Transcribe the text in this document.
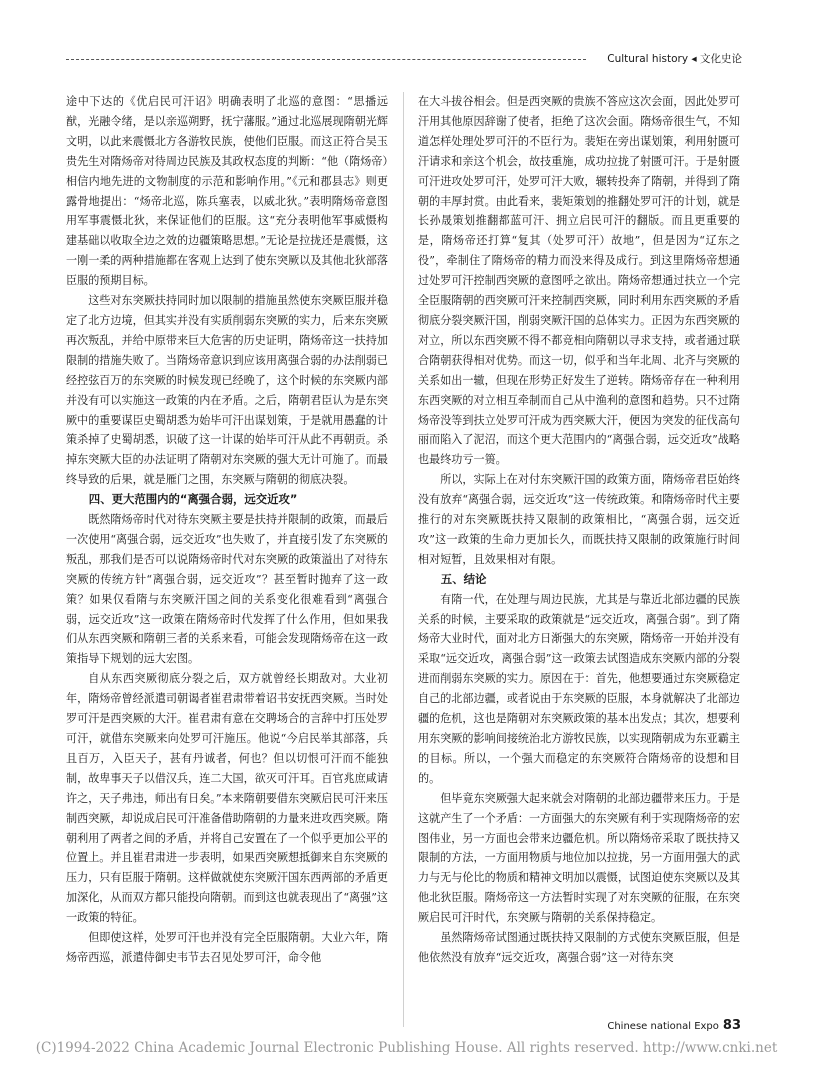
Cultural history ◂ 文化史论

途中下达的《优启民可汗诏》明确表明了北巡的意图：“思播远猷，光融令绪，是以亲巡朔野，抚宁藩服。”通过北巡展现隋朝光辉文明，以此来震慑北方各游牧民族，使他们臣服。而这正符合吴玉贵先生对隋炀帝对待周边民族及其政权态度的判断：“他（隋炀帝）相信内地先进的文物制度的示范和影响作用。”《元和郡县志》则更露骨地提出：“炀帝北巡，陈兵塞表，以威北狄。”表明隋炀帝意图用军事震慑北狄，来保证他们的臣服。这“充分表明他军事威慑构建基础以收取全边之效的边疆策略思想。”无论是拉拢还是震慑，这一刚一柔的两种措施都在客观上达到了使东突厥以及其他北狄部落臣服的预期目标。

这些对东突厥扶持同时加以限制的措施虽然使东突厥臣服并稳定了北方边境，但其实并没有实质削弱东突厥的实力，后来东突厥再次叛乱，并给中原带来巨大危害的历史证明，隋炀帝这一扶持加限制的措施失败了。当隋炀帝意识到应该用离强合弱的办法削弱已经控弦百万的东突厥的时候发现已经晚了，这个时候的东突厥内部并没有可以实施这一政策的内在矛盾。之后，隋朝君臣认为是东突厥中的重要谋臣史蜀胡悉为始毕可汗出谋划策，于是就用愚蠢的计策杀掉了史蜀胡悉，识破了这一计谋的始毕可汗从此不再朝贡。杀掉东突厥大臣的办法证明了隋朝对东突厥的强大无计可施了。而最终导致的后果，就是雁门之围，东突厥与隋朝的彻底决裂。

四、更大范围内的“离强合弱，远交近攻”

既然隋炀帝时代对待东突厥主要是扶持并限制的政策，而最后一次使用“离强合弱，远交近攻”也失败了，并直接引发了东突厥的叛乱，那我们是否可以说隋炀帝时代对东突厥的政策溢出了对待东突厥的传统方针“离强合弱，远交近攻”？甚至暂时抛弃了这一政策？如果仅看隋与东突厥汗国之间的关系变化很难看到“离强合弱，远交近攻”这一政策在隋炀帝时代发挥了什么作用，但如果我们从东西突厥和隋朝三者的关系来看，可能会发现隋炀帝在这一政策指导下规划的远大宏图。

自从东西突厥彻底分裂之后，双方就曾经长期敌对。大业初年，隋炀帝曾经派遣司朝谒者崔君肃带着诏书安抚西突厥。当时处罗可汗是西突厥的大汗。崔君肃有意在交聘场合的言辞中打压处罗可汗，就借东突厥来向处罗可汗施压。他说“今启民举其部落，兵且百万，入臣天子，甚有丹诚者，何也？但以切恨可汗而不能独制，故卑事天子以借汉兵，连二大国，欲灭可汗耳。百官兆庶咸请许之，天子弗违，师出有日矣。”本来隋朝要借东突厥启民可汗来压制西突厥，却说成启民可汗准备借助隋朝的力量来进攻西突厥。隋朝利用了两者之间的矛盾，并将自己安置在了一个似乎更加公平的位置上。并且崔君肃进一步表明，如果西突厥想抵御来自东突厥的压力，只有臣服于隋朝。这样做就使东突厥汗国东西两部的矛盾更加深化，从而双方都只能投向隋朝。而到这也就表现出了“离强”这一政策的特征。

但即使这样，处罗可汗也并没有完全臣服隋朝。大业六年，隋炀帝西巡，派遣侍御史韦节去召见处罗可汗，命令他

在大斗拔谷相会。但是西突厥的贵族不答应这次会面，因此处罗可汗用其他原因辞谢了使者，拒绝了这次会面。隋炀帝很生气，不知道怎样处理处罗可汗的不臣行为。裴矩在旁出谋划策，利用射匮可汗请求和亲这个机会，故技重施，成功拉拢了射匮可汗。于是射匮可汗进攻处罗可汗，处罗可汗大败，辗转投奔了隋朝，并得到了隋朝的丰厚封赏。由此看来，裴矩策划的推翻处罗可汗的计划，就是长孙晟策划推翻都蓝可汗、拥立启民可汗的翻版。而且更重要的是，隋炀帝还打算“复其（处罗可汗）故地”，但是因为“辽东之役”，牵制住了隋炀帝的精力而没来得及成行。到这里隋炀帝想通过处罗可汗控制西突厥的意图呼之欲出。隋炀帝想通过扶立一个完全臣服隋朝的西突厥可汗来控制西突厥，同时利用东西突厥的矛盾彻底分裂突厥汗国，削弱突厥汗国的总体实力。正因为东西突厥的对立，所以东西突厥不得不都竞相向隋朝以寻求支持，或者通过联合隋朝获得相对优势。而这一切，似乎和当年北周、北齐与突厥的关系如出一辙，但现在形势正好发生了逆转。隋炀帝存在一种利用东西突厥的对立相互牵制而自己从中渔利的意图和趋势。只不过隋炀帝没等到扶立处罗可汗成为西突厥大汗，便因为突发的征伐高句丽而陷入了泥沼，而这个更大范围内的“离强合弱，远交近攻”战略也最终功亏一篑。

所以，实际上在对付东突厥汗国的政策方面，隋炀帝君臣始终没有放弃“离强合弱，远交近攻”这一传统政策。和隋炀帝时代主要推行的对东突厥既扶持又限制的政策相比，“离强合弱，远交近攻”这一政策的生命力更加长久，而既扶持又限制的政策施行时间相对短暂，且效果相对有限。

五、结论

有隋一代，在处理与周边民族，尤其是与靠近北部边疆的民族关系的时候，主要采取的政策就是“远交近攻，离强合弱”。到了隋炀帝大业时代，面对北方日渐强大的东突厥，隋炀帝一开始并没有采取“远交近攻，离强合弱”这一政策去试图造成东突厥内部的分裂进而削弱东突厥的实力。原因在于：首先，他想要通过东突厥稳定自己的北部边疆，或者说由于东突厥的臣服，本身就解决了北部边疆的危机，这也是隋朝对东突厥政策的基本出发点；其次，想要利用东突厥的影响间接统治北方游牧民族，以实现隋朝成为东亚霸主的目标。所以，一个强大而稳定的东突厥符合隋炀帝的设想和目的。

但毕竟东突厥强大起来就会对隋朝的北部边疆带来压力。于是这就产生了一个矛盾：一方面强大的东突厥有利于实现隋炀帝的宏图伟业，另一方面也会带来边疆危机。所以隋炀帝采取了既扶持又限制的方法，一方面用物质与地位加以拉拢，另一方面用强大的武力与无与伦比的物质和精神文明加以震慑，试图迫使东突厥以及其他北狄臣服。隋炀帝这一方法暂时实现了对东突厥的征服，在东突厥启民可汗时代，东突厥与隋朝的关系保持稳定。

虽然隋炀帝试图通过既扶持又限制的方式使东突厥臣服，但是他依然没有放弃“远交近攻，离强合弱”这一对待东突

Chinese national Expo 83
(C)1994-2022 China Academic Journal Electronic Publishing House. All rights reserved. http://www.cnki.net
